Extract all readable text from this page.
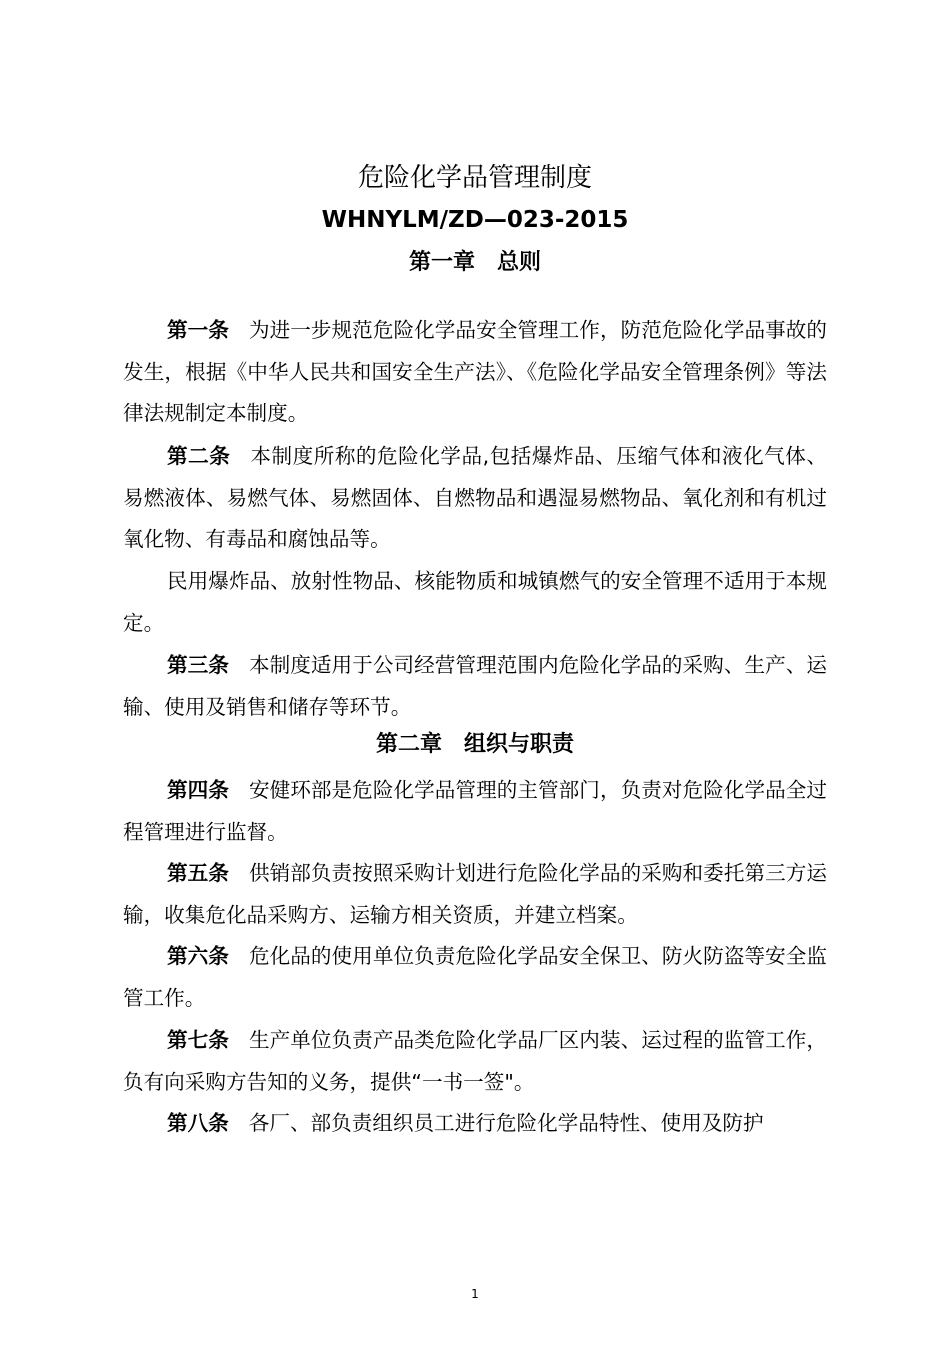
危险化学品管理制度
WHNYLM/ZD—023-2015
第一章 总则

第一条 为进一步规范危险化学品安全管理工作，防范危险化学品事故的发生，根据《中华人民共和国安全生产法》、《危险化学品安全管理条例》等法律法规制定本制度。

第二条 本制度所称的危险化学品,包括爆炸品、压缩气体和液化气体、易燃液体、易燃气体、易燃固体、自燃物品和遇湿易燃物品、氧化剂和有机过氧化物、有毒品和腐蚀品等。

民用爆炸品、放射性物品、核能物质和城镇燃气的安全管理不适用于本规定。

第三条 本制度适用于公司经营管理范围内危险化学品的采购、生产、运输、使用及销售和储存等环节。

第二章 组织与职责

第四条 安健环部是危险化学品管理的主管部门，负责对危险化学品全过程管理进行监督。

第五条 供销部负责按照采购计划进行危险化学品的采购和委托第三方运输，收集危化品采购方、运输方相关资质，并建立档案。

第六条 危化品的使用单位负责危险化学品安全保卫、防火防盗等安全监管工作。

第七条 生产单位负责产品类危险化学品厂区内装、运过程的监管工作，负有向采购方告知的义务，提供“一书一签"。

第八条 各厂、部负责组织员工进行危险化学品特性、使用及防护

1
